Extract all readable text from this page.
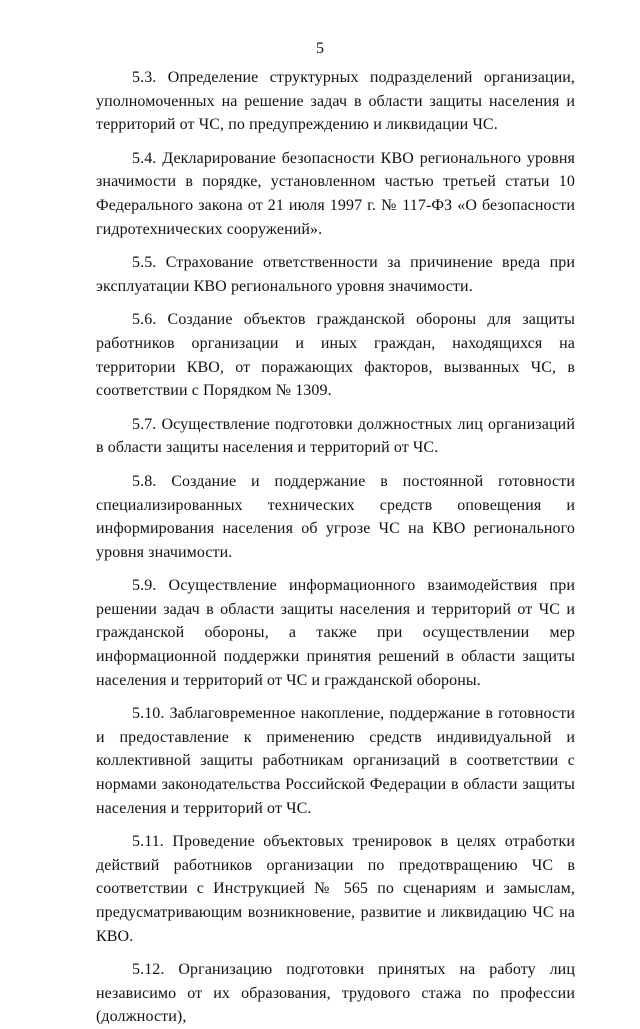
5

5.3. Определение структурных подразделений организации, уполномоченных на решение задач в области защиты населения и территорий от ЧС, по предупреждению и ликвидации ЧС.

5.4. Декларирование безопасности КВО регионального уровня значимости в порядке, установленном частью третьей статьи 10 Федерального закона от 21 июля 1997 г. № 117-ФЗ «О безопасности гидротехнических сооружений».

5.5. Страхование ответственности за причинение вреда при эксплуатации КВО регионального уровня значимости.

5.6. Создание объектов гражданской обороны для защиты работников организации и иных граждан, находящихся на территории КВО, от поражающих факторов, вызванных ЧС, в соответствии с Порядком № 1309.

5.7. Осуществление подготовки должностных лиц организаций в области защиты населения и территорий от ЧС.

5.8. Создание и поддержание в постоянной готовности специализированных технических средств оповещения и информирования населения об угрозе ЧС на КВО регионального уровня значимости.

5.9. Осуществление информационного взаимодействия при решении задач в области защиты населения и территорий от ЧС и гражданской обороны, а также при осуществлении мер информационной поддержки принятия решений в области защиты населения и территорий от ЧС и гражданской обороны.

5.10. Заблаговременное накопление, поддержание в готовности и предоставление к применению средств индивидуальной и коллективной защиты работникам организаций в соответствии с нормами законодательства Российской Федерации в области защиты населения и территорий от ЧС.

5.11. Проведение объектовых тренировок в целях отработки действий работников организации по предотвращению ЧС в соответствии с Инструкцией № 565 по сценариям и замыслам, предусматривающим возникновение, развитие и ликвидацию ЧС на КВО.

5.12. Организацию подготовки принятых на работу лиц независимо от их образования, трудового стажа по профессии (должности),
